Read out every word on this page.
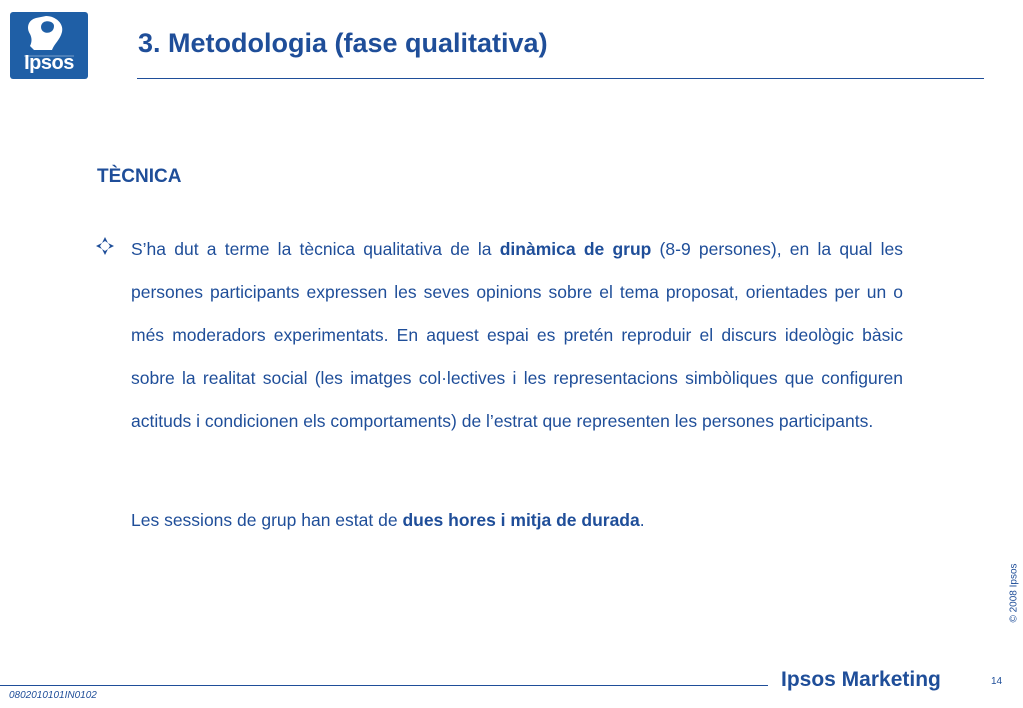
Ipsos
3. Metodologia (fase qualitativa)
TÈCNICA

S’ha dut a terme la tècnica qualitativa de la dinàmica de grup (8-9 persones), en la qual les persones participants expressen les seves opinions sobre el tema proposat, orientades per un o més moderadors experimentats. En aquest espai es pretén reproduir el discurs ideològic bàsic sobre la realitat social (les imatges col·lectives i les representacions simbòliques que configuren actituds i condicionen els comportaments) de l’estrat que representen les persones participants.

Les sessions de grup han estat de dues hores i mitja de durada.

© 2008 Ipsos
0802010101IN0102
Ipsos Marketing	14
